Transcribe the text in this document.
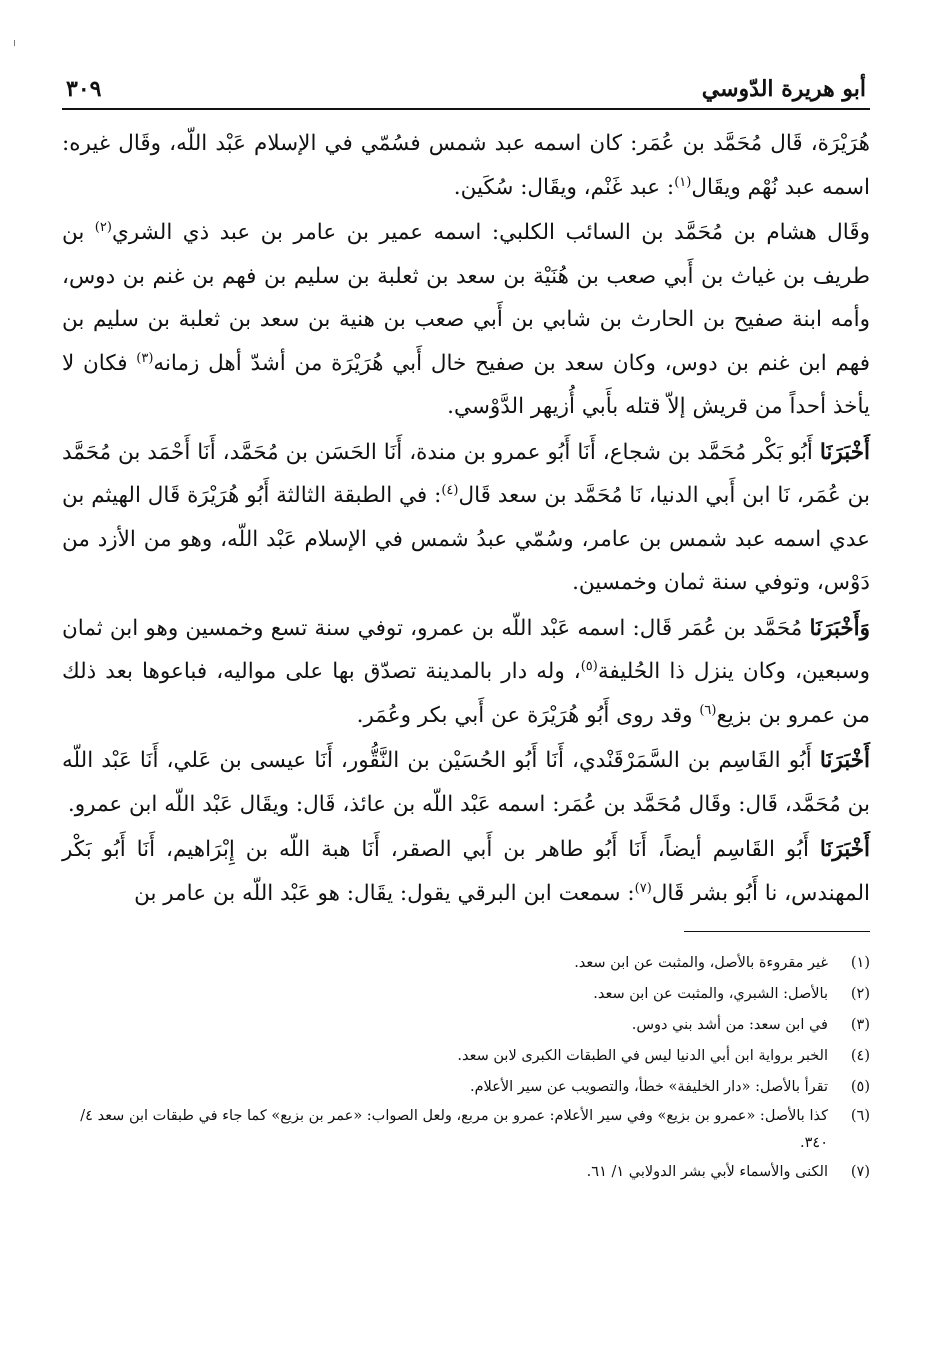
أبو هريرة الدّوسي
٣٠٩

هُرَيْرَة، قَال مُحَمَّد بن عُمَر: كان اسمه عبد شمس فسُمّي في الإسلام عَبْد اللّه، وقَال غيره: اسمه عبد نُهْم ويقَال$^{(١)}$: عبد غَنْم، ويقَال: سُكَين.

وقَال هشام بن مُحَمَّد بن السائب الكلبي: اسمه عمير بن عامر بن عبد ذي الشري$^{(٢)}$ بن طريف بن غياث بن أَبي صعب بن هُنَيْة بن سعد بن ثعلبة بن سليم بن فهم بن غنم بن دوس، وأمه ابنة صفيح بن الحارث بن شابي بن أَبي صعب بن هنية بن سعد بن ثعلبة بن سليم بن فهم ابن غنم بن دوس، وكان سعد بن صفيح خال أَبي هُرَيْرَة من أشدّ أهل زمانه$^{(٣)}$ فكان لا يأخذ أحداً من قريش إلاّ قتله بأَبي أُزيهر الدَّوْسي.

أَخْبَرَنَا أَبُو بَكْر مُحَمَّد بن شجاع، أَنَا أَبُو عمرو بن مندة، أَنَا الحَسَن بن مُحَمَّد، أَنَا أَحْمَد بن مُحَمَّد بن عُمَر، نَا ابن أَبي الدنيا، نَا مُحَمَّد بن سعد قَال$^{(٤)}$: في الطبقة الثالثة أَبُو هُرَيْرَة قَال الهيثم بن عدي اسمه عبد شمس بن عامر، وسُمّي عبدُ شمس في الإسلام عَبْد اللّه، وهو من الأزد من دَوْس، وتوفي سنة ثمان وخمسين.

وَأَخْبَرَنَا مُحَمَّد بن عُمَر قَال: اسمه عَبْد اللّه بن عمرو، توفي سنة تسع وخمسين وهو ابن ثمان وسبعين، وكان ينزل ذا الحُليفة$^{(٥)}$، وله دار بالمدينة تصدّق بها على مواليه، فباعوها بعد ذلك من عمرو بن بزيع$^{(٦)}$ وقد روى أَبُو هُرَيْرَة عن أَبي بكر وعُمَر.

أَخْبَرَنَا أَبُو القَاسِم بن السَّمَرْقَنْدي، أَنَا أَبُو الحُسَيْن بن النَّقُّور، أَنَا عيسى بن عَلي، أَنَا عَبْد اللّه بن مُحَمَّد، قَال: وقَال مُحَمَّد بن عُمَر: اسمه عَبْد اللّه بن عائذ، قَال: ويقَال عَبْد اللّه ابن عمرو.

أَخْبَرَنَا أَبُو القَاسِم أيضاً، أَنَا أَبُو طاهر بن أَبي الصقر، أَنَا هبة اللّه بن إِبْرَاهيم، أَنَا أَبُو بَكْر المهندس، نا أَبُو بشر قَال$^{(٧)}$: سمعت ابن البرقي يقول: يقَال: هو عَبْد اللّه بن عامر بن

(١)
غير مقروءة بالأصل، والمثبت عن ابن سعد.

(٢)
بالأصل: الشبري، والمثبت عن ابن سعد.

(٣)
في ابن سعد: من أشد بني دوس.

(٤)
الخبر برواية ابن أبي الدنيا ليس في الطبقات الكبرى لابن سعد.

(٥)
تقرأ بالأصل: «دار الخليفة» خطأ، والتصويب عن سير الأعلام.

(٦)
كذا بالأصل: «عمرو بن بزيع» وفي سير الأعلام: عمرو بن مربع، ولعل الصواب: «عمر بن بزيع» كما جاء في طبقات ابن سعد ٤/ ٣٤٠.

(٧)
الكنى والأسماء لأبي بشر الدولابي ١/ ٦١.
